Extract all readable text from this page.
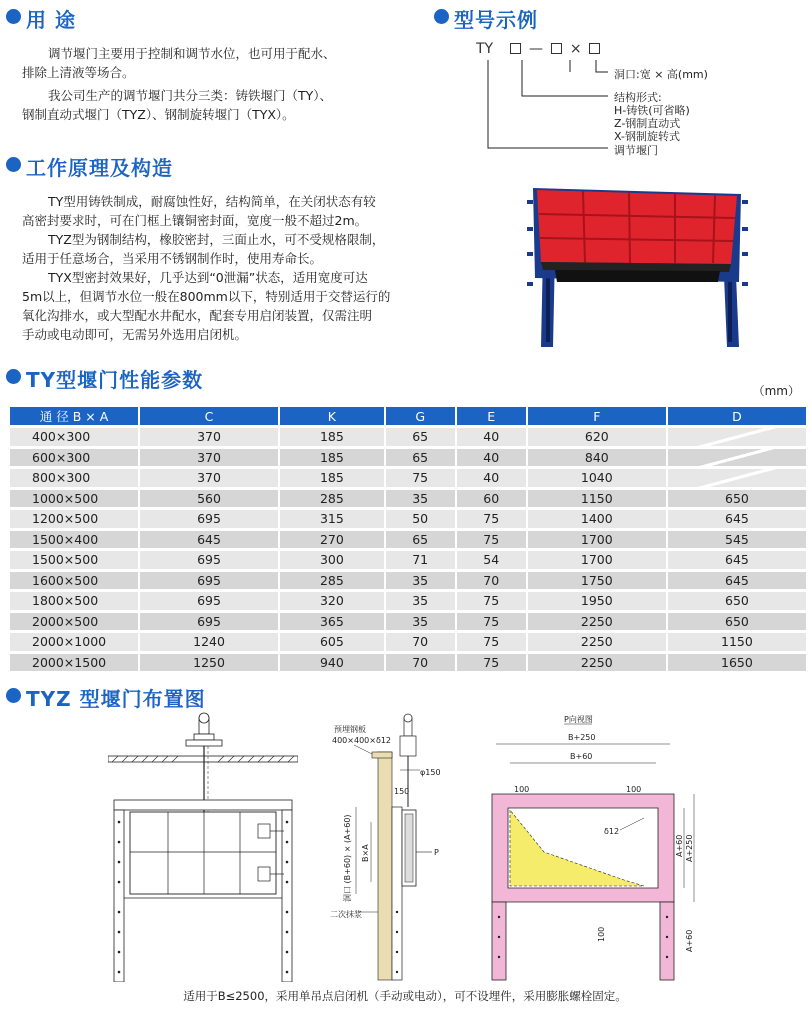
用 途

调节堰门主要用于控制和调节水位，也可用于配水、

排除上清液等场合。

我公司生产的调节堰门共分三类：铸铁堰门（TY）、

钢制直动式堰门（TYZ）、钢制旋转堰门（TYX）。

型号示例
TY	— ×
洞口:宽 × 高(mm)
结构形式:
H-铸铁(可省略)
Z-钢制直动式
X-钢制旋转式
调节堰门
工作原理及构造

TY型用铸铁制成，耐腐蚀性好，结构简单，在关闭状态有较

高密封要求时，可在门框上镶铜密封面，宽度一般不超过2m。

TYZ型为钢制结构，橡胶密封，三面止水，可不受规格限制，

适用于任意场合，当采用不锈钢制作时，使用寿命长。

TYX型密封效果好，几乎达到“0泄漏”状态，适用宽度可达

5m以上，但调节水位一般在800mm以下，特别适用于交替运行的

氧化沟排水，或大型配水井配水，配套专用启闭装置，仅需注明

手动或电动即可，无需另外选用启闭机。

TY型堰门性能参数	（mm）
通 径 B × A	C	K	G	E	F	D
400×300	370	185	65	40	620	
600×300	370	185	65	40	840	
800×300	370	185	75	40	1040	
1000×500	560	285	35	60	1150	650
1200×500	695	315	50	75	1400	645
1500×400	645	270	65	75	1700	545
1500×500	695	300	71	54	1700	645
1600×500	695	285	35	70	1750	645
1800×500	695	320	35	75	1950	650
2000×500	695	365	35	75	2250	650
2000×1000	1240	605	70	75	2250	1150
2000×1500	1250	940	70	75	2250	1650
TYZ 型堰门布置图
预埋钢板
400×400×δ12
φ150
150
P
洞口 (B+60) × (A+60) B×A
二次抹浆
P向视图
B+250
B+60
100	100
δ12
A+60 A+250
A+60
100
适用于B≤2500，采用单吊点启闭机（手动或电动），可不设埋件，采用膨胀螺栓固定。
